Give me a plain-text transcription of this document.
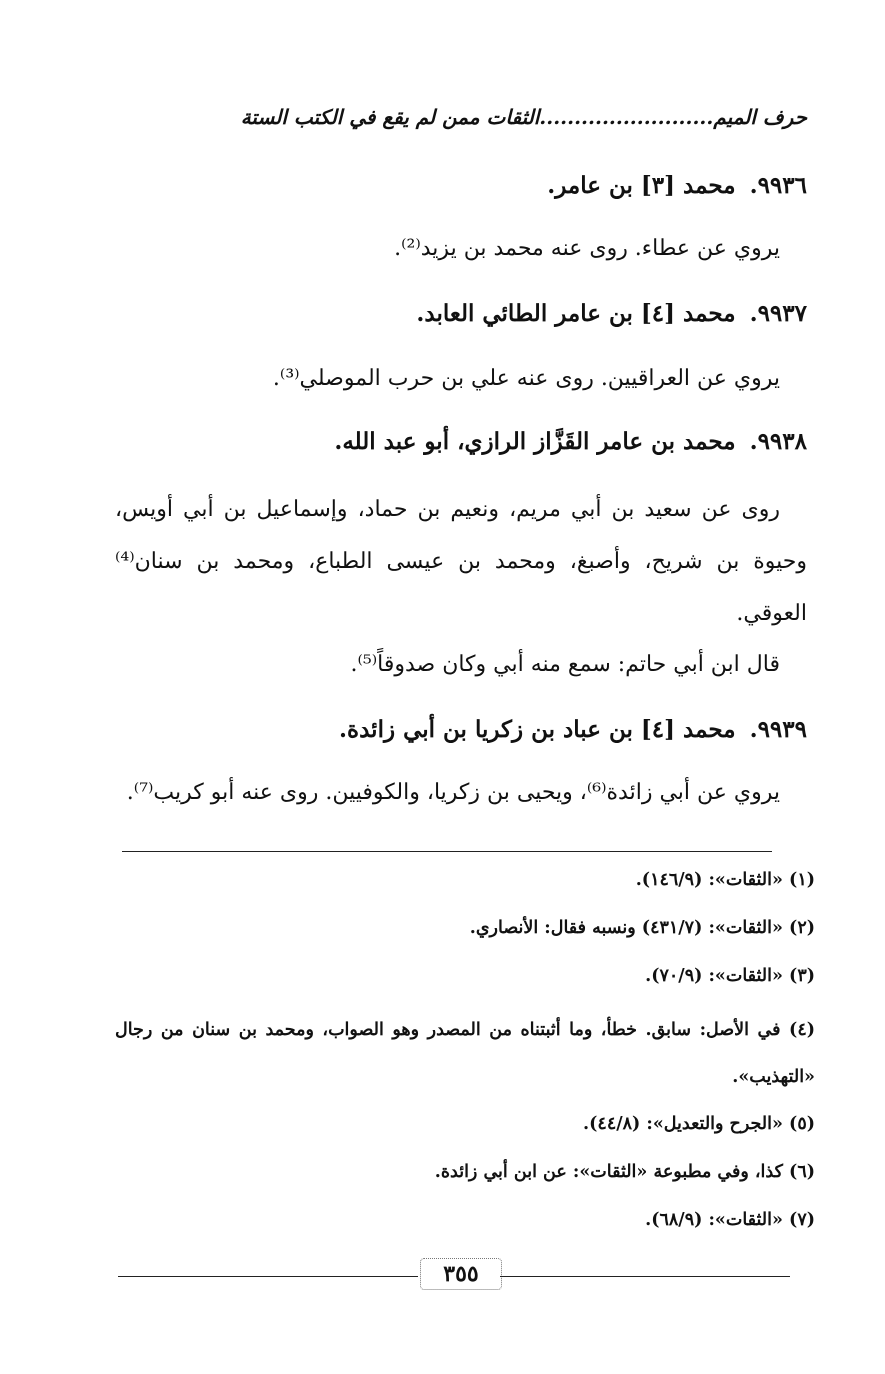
حرف الميم.........................الثقات ممن لم يقع في الكتب الستة
٩٩٣٦.محمد [٣] بن عامر.
يروي عن عطاء. روى عنه محمد بن يزيد⁽²⁾.
٩٩٣٧.محمد [٤] بن عامر الطائي العابد.
يروي عن العراقيين. روى عنه علي بن حرب الموصلي⁽³⁾.
٩٩٣٨.محمد بن عامر القَزَّاز الرازي، أبو عبد الله.
روى عن سعيد بن أبي مريم، ونعيم بن حماد، وإسماعيل بن أبي أويس، وحيوة بن شريح، وأصبغ، ومحمد بن عيسى الطباع، ومحمد بن سنان⁽⁴⁾ العوقي.
قال ابن أبي حاتم: سمع منه أبي وكان صدوقاً⁽⁵⁾.
٩٩٣٩.محمد [٤] بن عباد بن زكريا بن أبي زائدة.
يروي عن أبي زائدة⁽⁶⁾، ويحيى بن زكريا، والكوفيين. روى عنه أبو كريب⁽⁷⁾.
(١) «الثقات»: (١٤٦/٩).
(٢) «الثقات»: (٤٣١/٧) ونسبه فقال: الأنصاري.
(٣) «الثقات»: (٧٠/٩).
(٤) في الأصل: سابق. خطأ، وما أثبتناه من المصدر وهو الصواب، ومحمد بن سنان من رجال «التهذيب».
(٥) «الجرح والتعديل»: (٤٤/٨).
(٦) كذا، وفي مطبوعة «الثقات»: عن ابن أبي زائدة.
(٧) «الثقات»: (٦٨/٩).
٣٥٥
